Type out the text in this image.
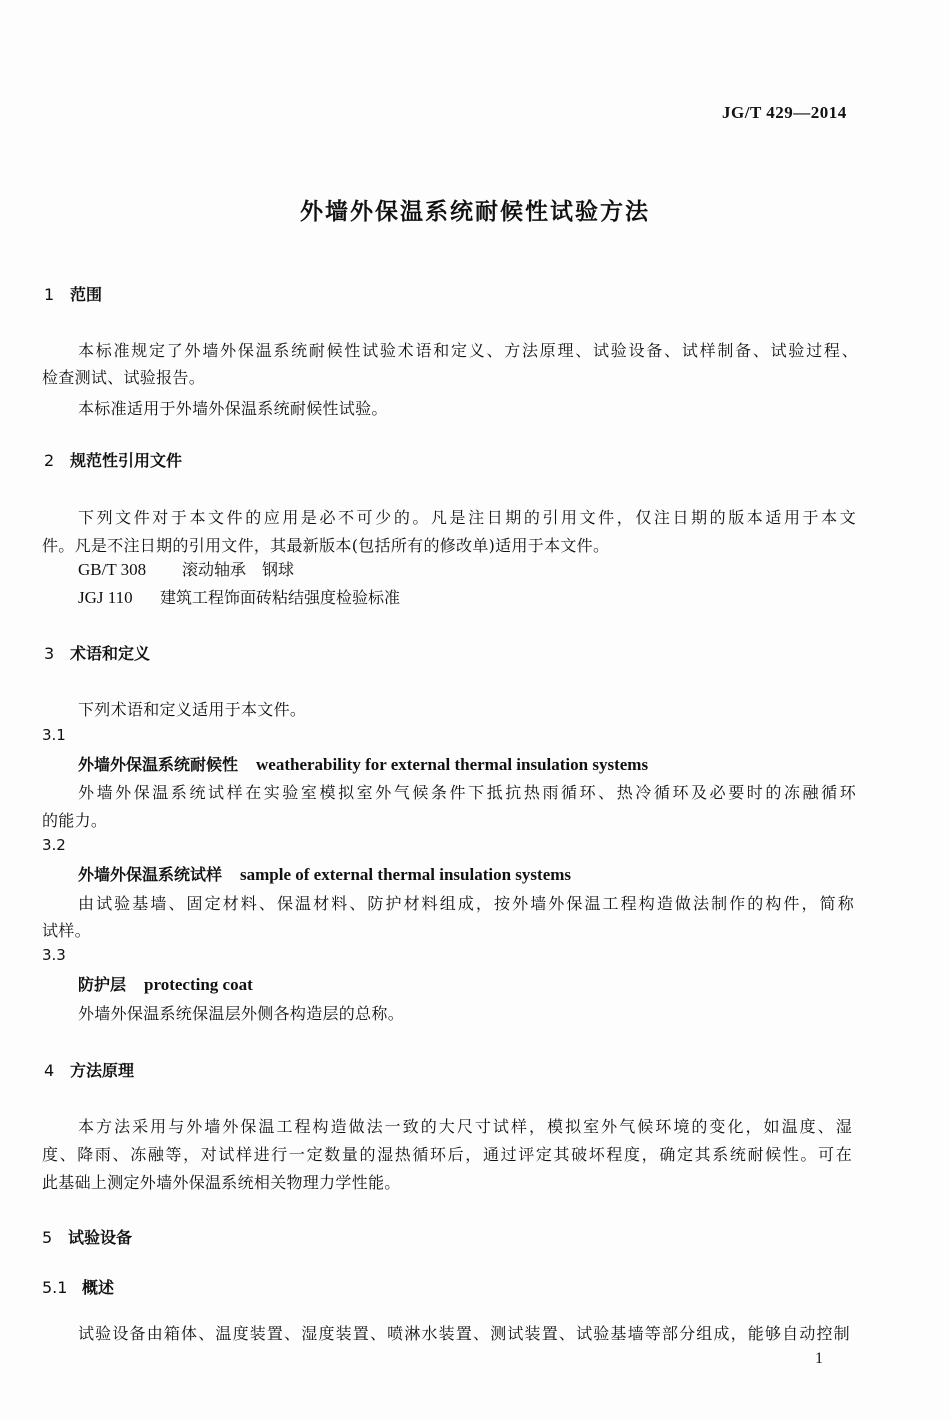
JG/T 429—2014
外墙外保温系统耐候性试验方法
1 范围
本标准规定了外墙外保温系统耐候性试验术语和定义、方法原理、试验设备、试样制备、试验过程、
检查测试、试验报告。
本标准适用于外墙外保温系统耐候性试验。
2 规范性引用文件
下列文件对于本文件的应用是必不可少的。凡是注日期的引用文件，仅注日期的版本适用于本文
件。凡是不注日期的引用文件，其最新版本(包括所有的修改单)适用于本文件。
GB/T 308 滚动轴承　钢球
JGJ 110 建筑工程饰面砖粘结强度检验标准
3 术语和定义
下列术语和定义适用于本文件。
3.1
外墙外保温系统耐候性 weatherability for external thermal insulation systems
外墙外保温系统试样在实验室模拟室外气候条件下抵抗热雨循环、热冷循环及必要时的冻融循环
的能力。
3.2
外墙外保温系统试样 sample of external thermal insulation systems
由试验基墙、固定材料、保温材料、防护材料组成，按外墙外保温工程构造做法制作的构件，简称
试样。
3.3
防护层 protecting coat
外墙外保温系统保温层外侧各构造层的总称。
4 方法原理
本方法采用与外墙外保温工程构造做法一致的大尺寸试样，模拟室外气候环境的变化，如温度、湿
度、降雨、冻融等，对试样进行一定数量的湿热循环后，通过评定其破坏程度，确定其系统耐候性。可在
此基础上测定外墙外保温系统相关物理力学性能。
5 试验设备
5.1 概述
试验设备由箱体、温度装置、湿度装置、喷淋水装置、测试装置、试验基墙等部分组成，能够自动控制
1
